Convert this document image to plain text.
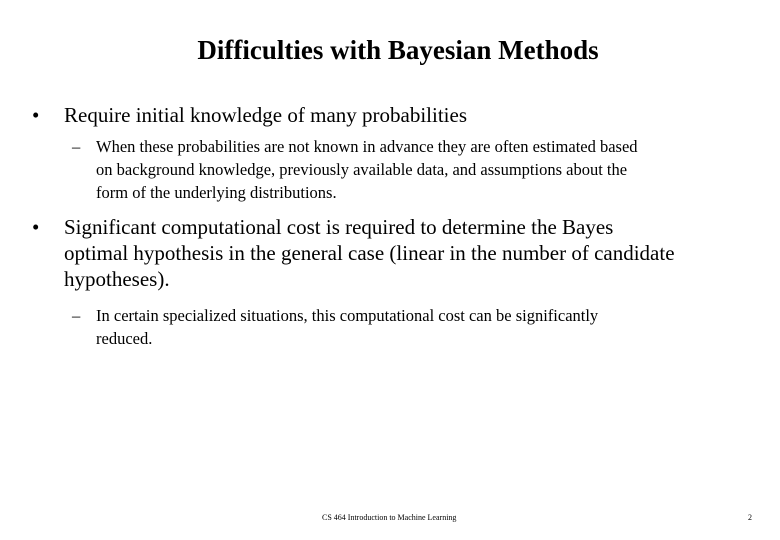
Difficulties with Bayesian Methods
• Require initial knowledge of many probabilities
– When these probabilities are not known in advance they are often estimated based
on background knowledge, previously available data, and assumptions about the
form of the underlying distributions.
• Significant computational cost is required to determine the Bayes
optimal hypothesis in the general case (linear in the number of candidate
hypotheses).
– In certain specialized situations, this computational cost can be significantly
reduced.
CS 464 Introduction to Machine Learning	2
